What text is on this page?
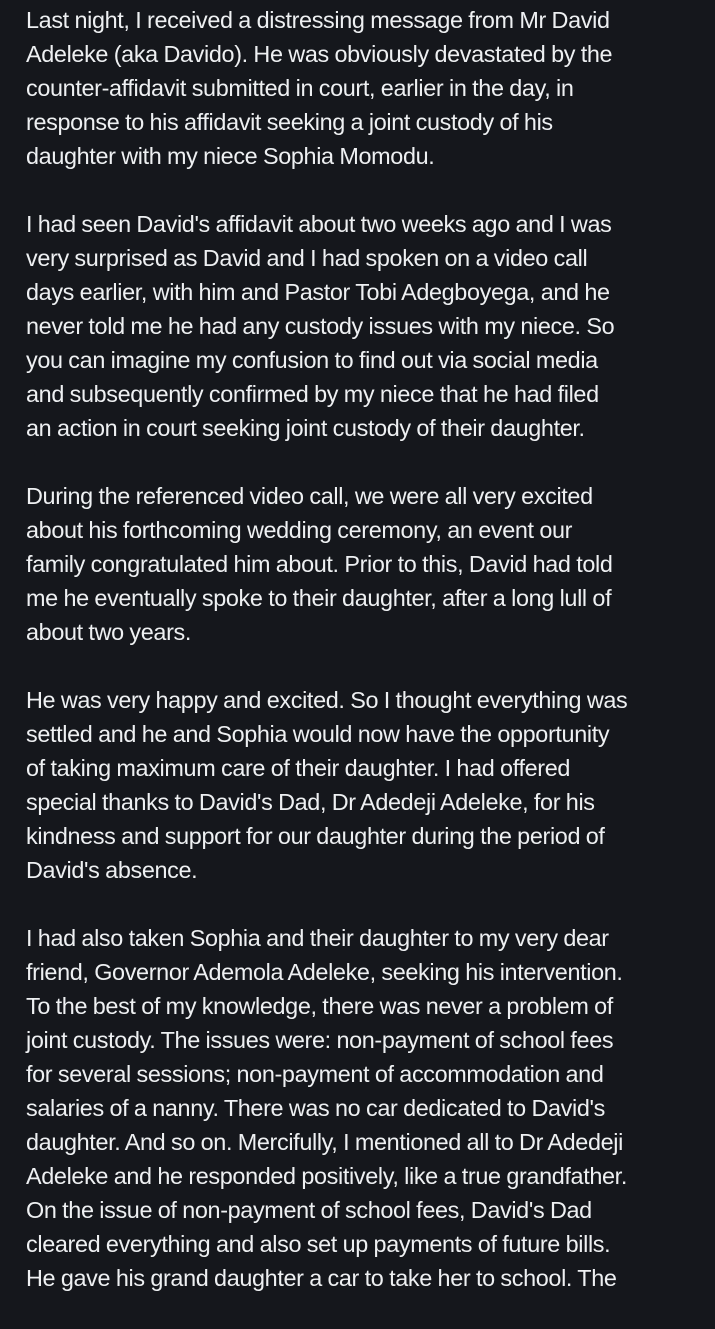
Last night, I received a distressing message from Mr David
Adeleke (aka Davido). He was obviously devastated by the
counter-affidavit submitted in court, earlier in the day, in
response to his affidavit seeking a joint custody of his
daughter with my niece Sophia Momodu.

I had seen David's affidavit about two weeks ago and I was
very surprised as David and I had spoken on a video call
days earlier, with him and Pastor Tobi Adegboyega, and he
never told me he had any custody issues with my niece. So
you can imagine my confusion to find out via social media
and subsequently confirmed by my niece that he had filed
an action in court seeking joint custody of their daughter.

During the referenced video call, we were all very excited
about his forthcoming wedding ceremony, an event our
family congratulated him about. Prior to this, David had told
me he eventually spoke to their daughter, after a long lull of
about two years.

He was very happy and excited. So I thought everything was
settled and he and Sophia would now have the opportunity
of taking maximum care of their daughter. I had offered
special thanks to David's Dad, Dr Adedeji Adeleke, for his
kindness and support for our daughter during the period of
David's absence.

I had also taken Sophia and their daughter to my very dear
friend, Governor Ademola Adeleke, seeking his intervention.
To the best of my knowledge, there was never a problem of
joint custody. The issues were: non-payment of school fees
for several sessions; non-payment of accommodation and
salaries of a nanny. There was no car dedicated to David's
daughter. And so on. Mercifully, I mentioned all to Dr Adedeji
Adeleke and he responded positively, like a true grandfather.
On the issue of non-payment of school fees, David's Dad
cleared everything and also set up payments of future bills.
He gave his grand daughter a car to take her to school. The
